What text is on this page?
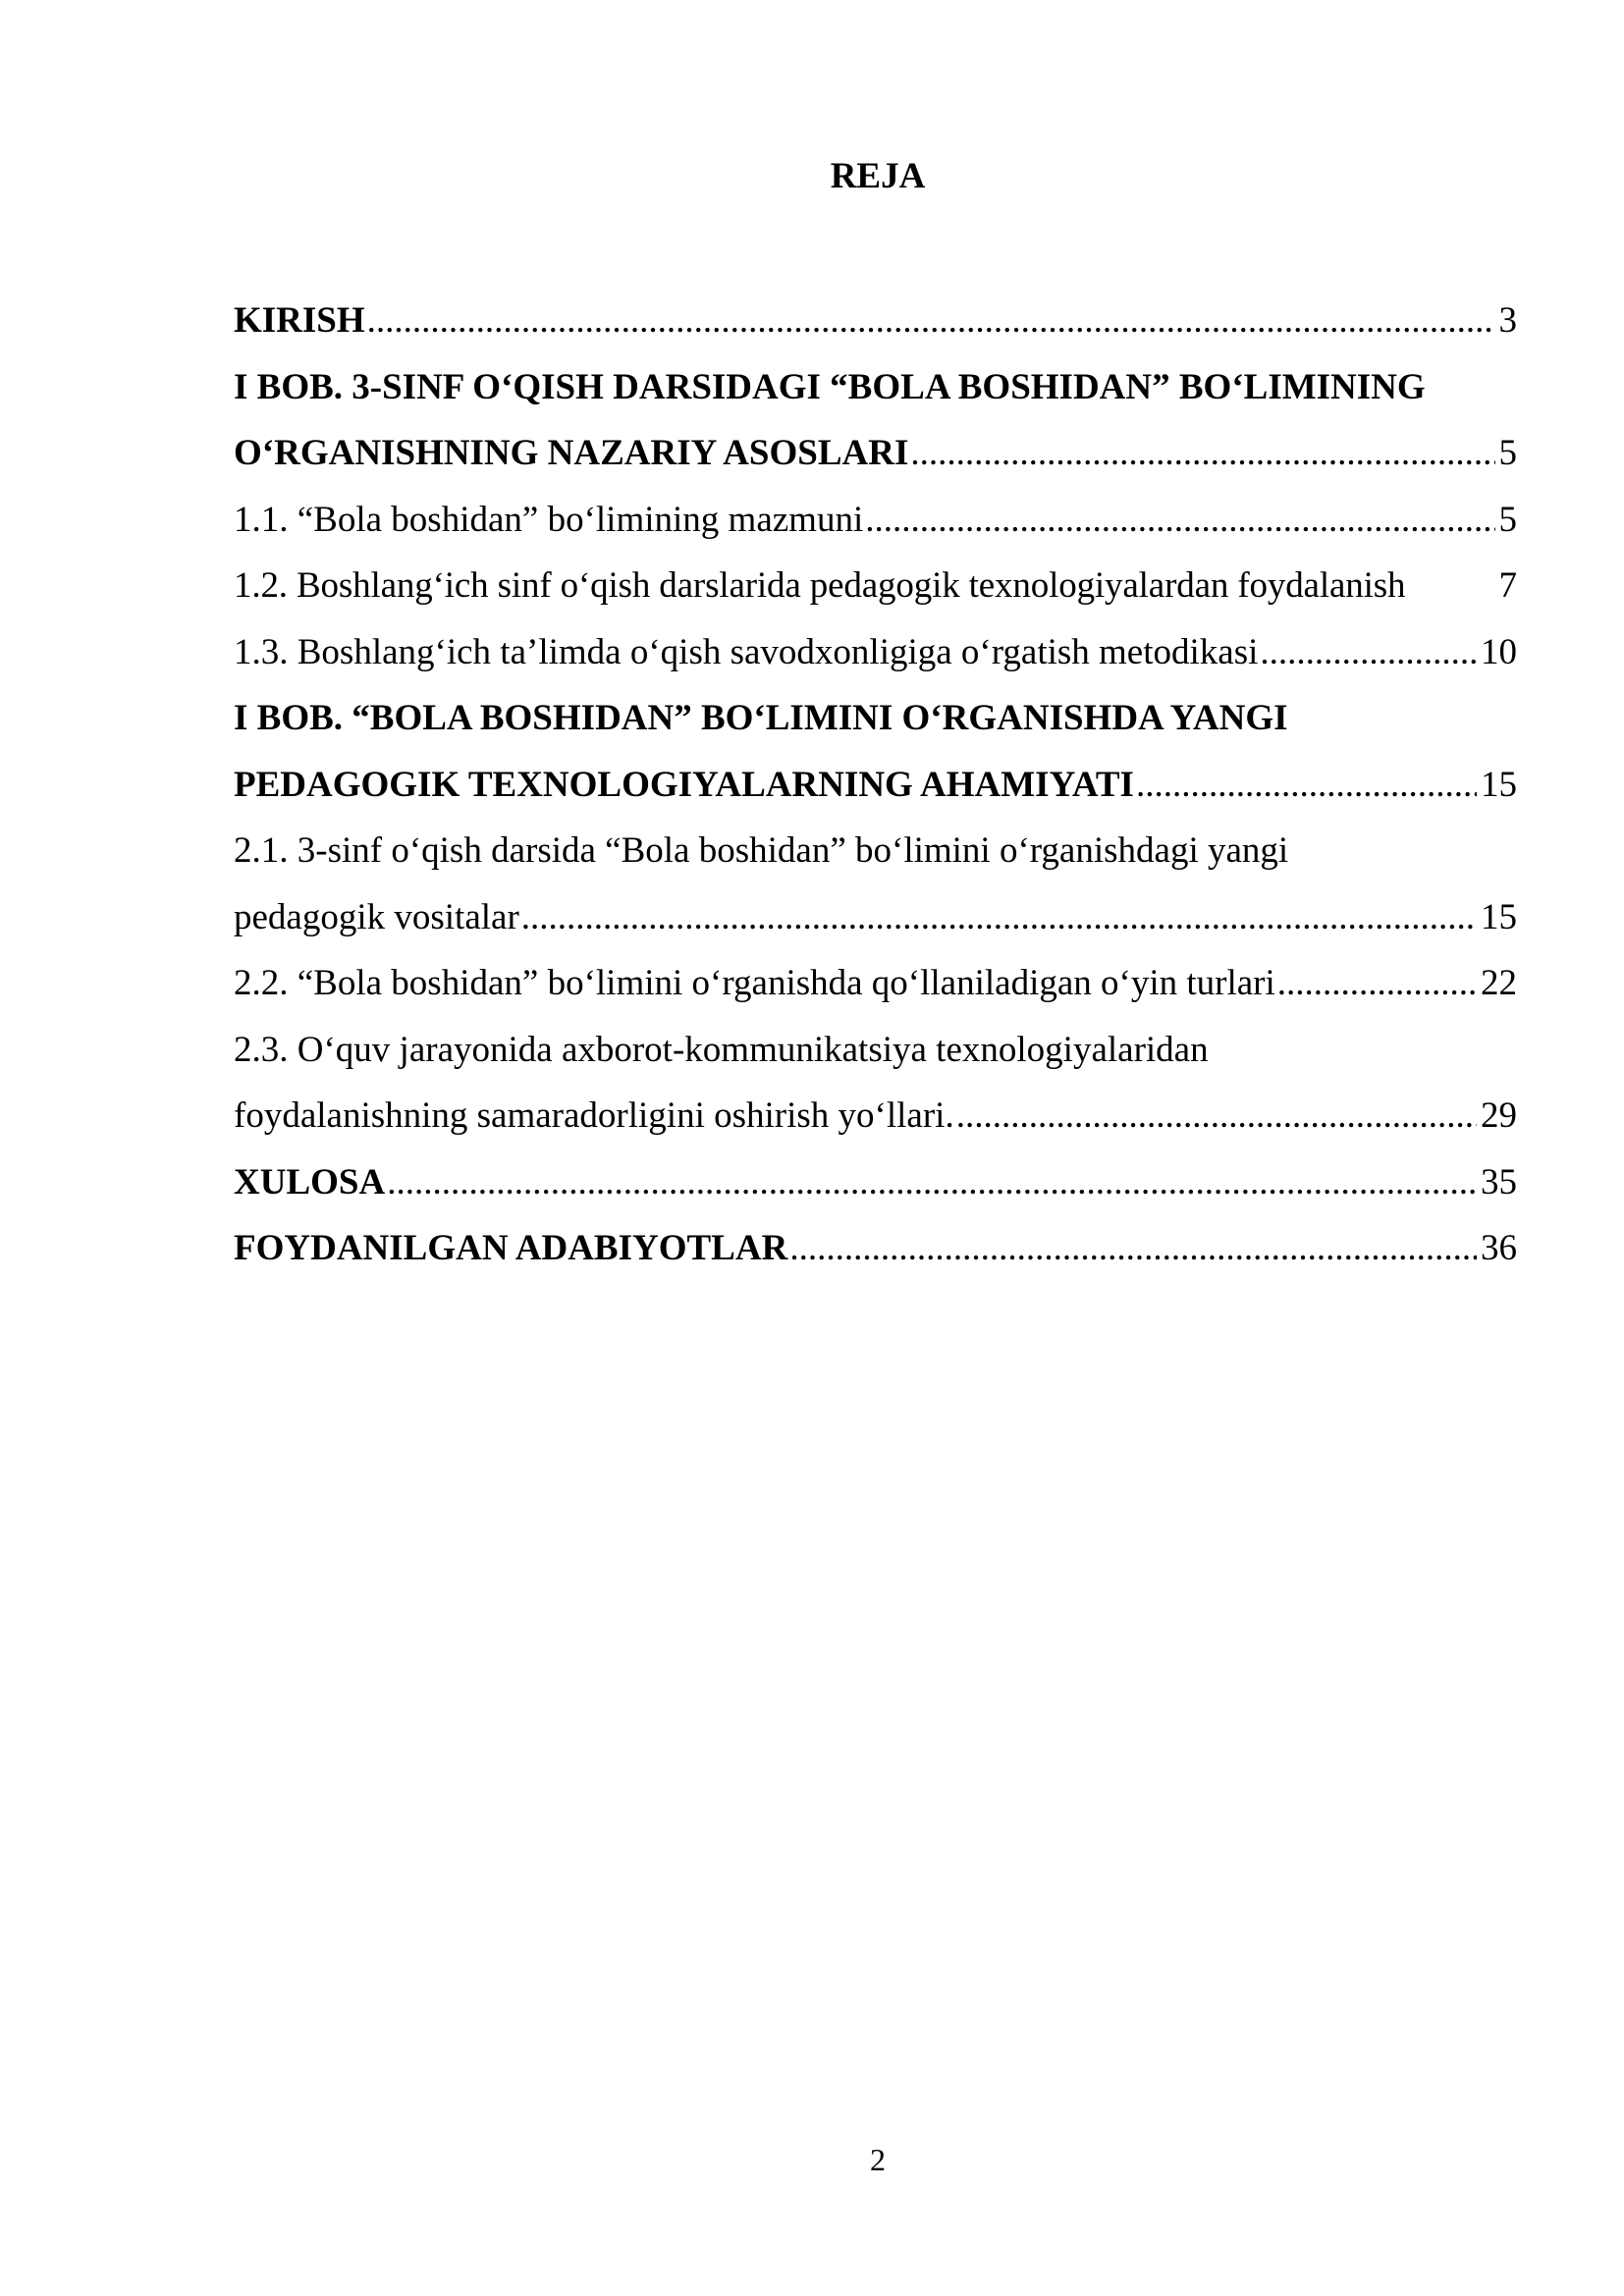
REJA
KIRISH .....	3
I BOB. 3-SINF O‘QISH DARSIDAGI “BOLA BOSHIDAN” BO‘LIMINING
O‘RGANISHNING NAZARIY ASOSLARI .....	5
1.1. “Bola boshidan” bo‘limining mazmuni .....	5
1.2. Boshlang‘ich sinf o‘qish darslarida pedagogik texnologiyalardan foydalanish	7
1.3. Boshlang‘ich ta’limda o‘qish savodxonligiga o‘rgatish metodikasi .....	10
I BOB. “BOLA BOSHIDAN” BO‘LIMINI O‘RGANISHDA YANGI
PEDAGOGIK TEXNOLOGIYALARNING AHAMIYATI .....	15
2.1. 3-sinf o‘qish darsida “Bola boshidan” bo‘limini o‘rganishdagi yangi
pedagogik vositalar .....	15
2.2. “Bola boshidan” bo‘limini o‘rganishda qo‘llaniladigan o‘yin turlari .....	22
2.3. O‘quv jarayonida axborot-kommunikatsiya texnologiyalaridan
foydalanishning samaradorligini oshirish yo‘llari. .....	29
XULOSA .....	35
FOYDANILGAN ADABIYOTLAR .....	36
2
